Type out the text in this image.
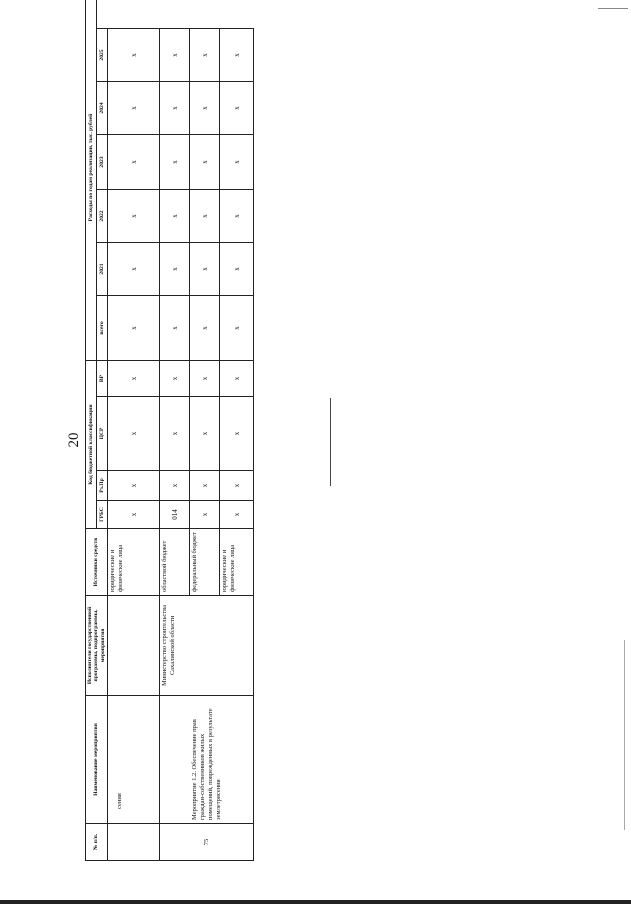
20
№ п/п.	Наименование мероприятия	Исполнители государственной программы, подпрограммы, мероприятия	Источники средств	Код бюджетной классификации				Расходы по годам реализации, тыс. рублей					
				ГРБС	Рз.Пр	ЦСР	ВР	всего	2021	2022	2023	2024	2025
	сения		юридические и физические лица	х	х	х	х	х	х	х	х	х	х
75	Мероприятие 1.2. Обеспечение прав граждан-собственников жилых помещений, поврежденных в результате землетрясения	Министерство строительства Сахалинской области	областной бюджет	014	х	х	х	х	х	х	х	х	х
			федеральный бюджет	х	х	х	х	х	х	х	х	х	х
			юридические и физические лица	х	х	х	х	х	х	х	х	х	х
